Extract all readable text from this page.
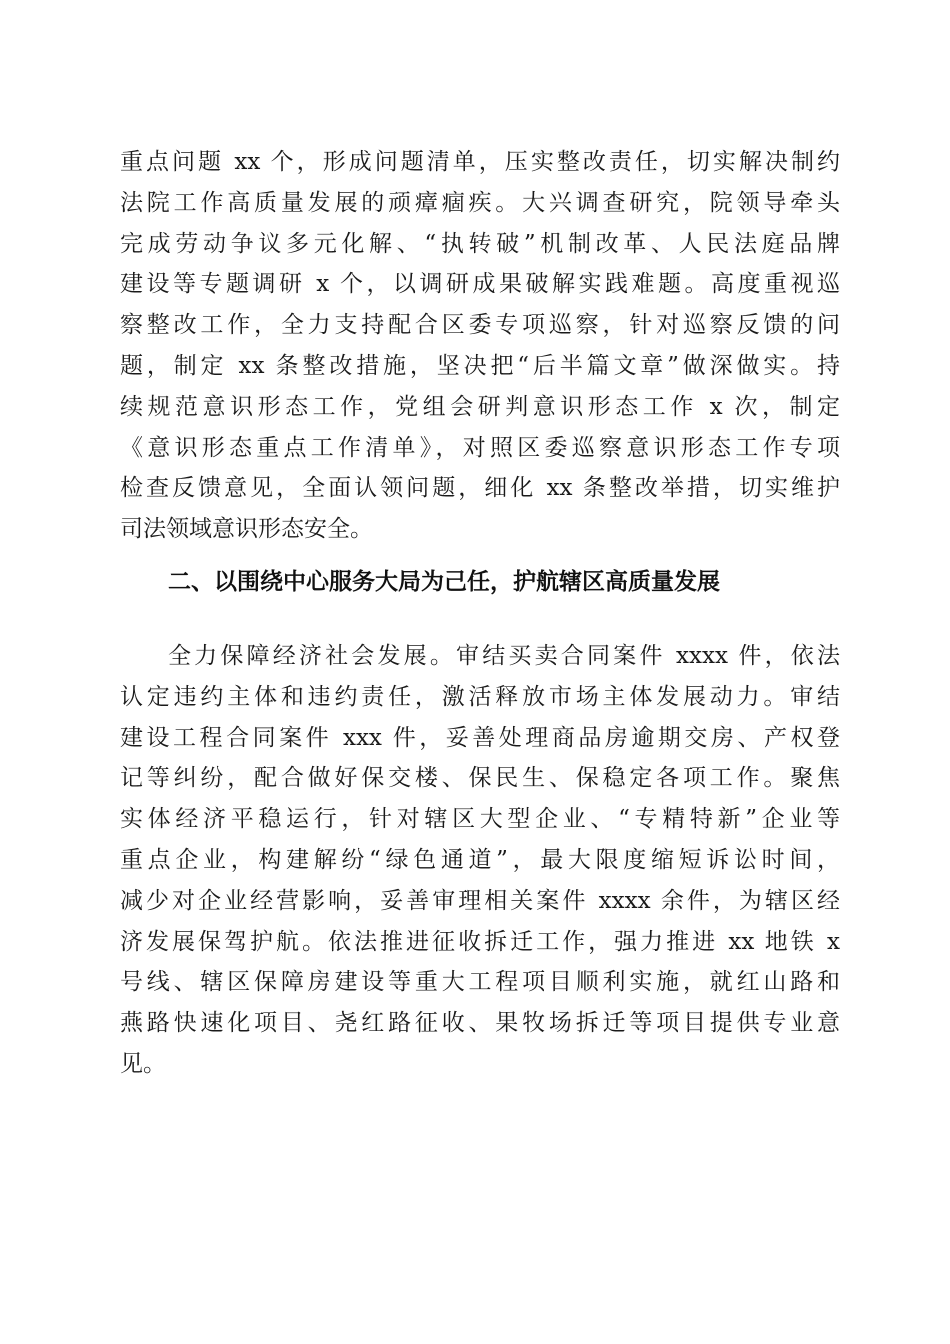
重点问题 xx 个，形成问题清单，压实整改责任，切实解决制约
法院工作高质量发展的顽瘴痼疾。大兴调查研究，院领导牵头
完成劳动争议多元化解、“执转破”机制改革、人民法庭品牌
建设等专题调研 x 个，以调研成果破解实践难题。高度重视巡
察整改工作，全力支持配合区委专项巡察，针对巡察反馈的问
题，制定 xx 条整改措施，坚决把“后半篇文章”做深做实。持
续规范意识形态工作，党组会研判意识形态工作 x 次，制定
《意识形态重点工作清单》，对照区委巡察意识形态工作专项
检查反馈意见，全面认领问题，细化 xx 条整改举措，切实维护
司法领域意识形态安全。
二、以围绕中心服务大局为己任，护航辖区高质量发展
全力保障经济社会发展。审结买卖合同案件 xxxx 件，依法
认定违约主体和违约责任，激活释放市场主体发展动力。审结
建设工程合同案件 xxx 件，妥善处理商品房逾期交房、产权登
记等纠纷，配合做好保交楼、保民生、保稳定各项工作。聚焦
实体经济平稳运行，针对辖区大型企业、“专精特新”企业等
重点企业，构建解纷“绿色通道”，最大限度缩短诉讼时间，
减少对企业经营影响，妥善审理相关案件 xxxx 余件，为辖区经
济发展保驾护航。依法推进征收拆迁工作，强力推进 xx 地铁 x
号线、辖区保障房建设等重大工程项目顺利实施，就红山路和
燕路快速化项目、尧红路征收、果牧场拆迁等项目提供专业意
见。
